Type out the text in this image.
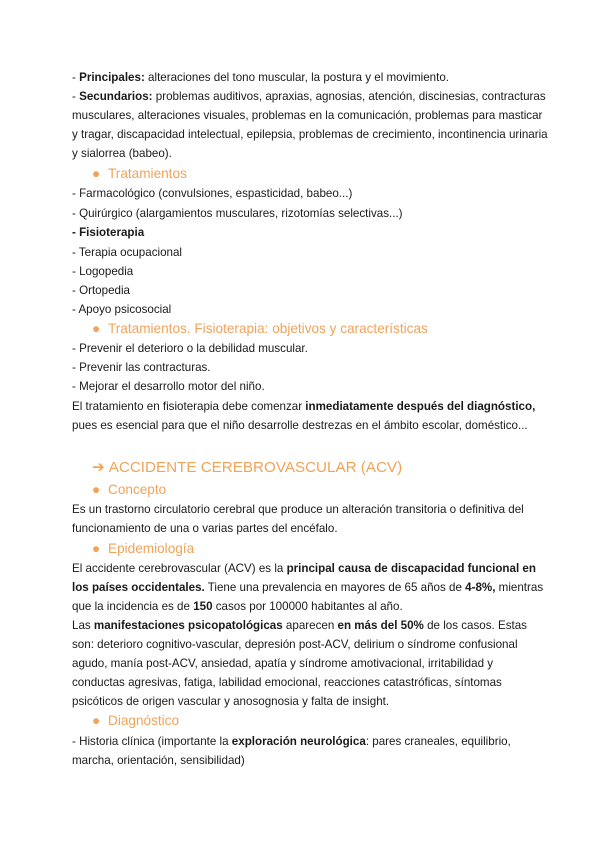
- Principales: alteraciones del tono muscular, la postura y el movimiento.
- Secundarios: problemas auditivos, apraxias, agnosias, atención, discinesias, contracturas
musculares, alteraciones visuales, problemas en la comunicación, problemas para masticar
y tragar, discapacidad intelectual, epilepsia, problemas de crecimiento, incontinencia urinaria
y sialorrea (babeo).
● Tratamientos
- Farmacológico (convulsiones, espasticidad, babeo...)
- Quirúrgico (alargamientos musculares, rizotomías selectivas...)
- Fisioterapia
- Terapia ocupacional
- Logopedia
- Ortopedia
- Apoyo psicosocial
● Tratamientos. Fisioterapia: objetivos y características
- Prevenir el deterioro o la debilidad muscular.
- Prevenir las contracturas.
- Mejorar el desarrollo motor del niño.
El tratamiento en fisioterapia debe comenzar inmediatamente después del diagnóstico,
pues es esencial para que el niño desarrolle destrezas en el ámbito escolar, doméstico...
➔ ACCIDENTE CEREBROVASCULAR (ACV)
● Concepto
Es un trastorno circulatorio cerebral que produce un alteración transitoria o definitiva del
funcionamiento de una o varias partes del encéfalo.
● Epidemiología
El accidente cerebrovascular (ACV) es la principal causa de discapacidad funcional en
los países occidentales. Tiene una prevalencia en mayores de 65 años de 4-8%, mientras
que la incidencia es de 150 casos por 100000 habitantes al año.
Las manifestaciones psicopatológicas aparecen en más del 50% de los casos. Estas
son: deterioro cognitivo-vascular, depresión post-ACV, delirium o síndrome confusional
agudo, manía post-ACV, ansiedad, apatía y síndrome amotivacional, irritabilidad y
conductas agresivas, fatiga, labilidad emocional, reacciones catastróficas, síntomas
psicóticos de origen vascular y anosognosia y falta de insight.
● Diagnóstico
- Historia clínica (importante la exploración neurológica: pares craneales, equilibrio,
marcha, orientación, sensibilidad)
